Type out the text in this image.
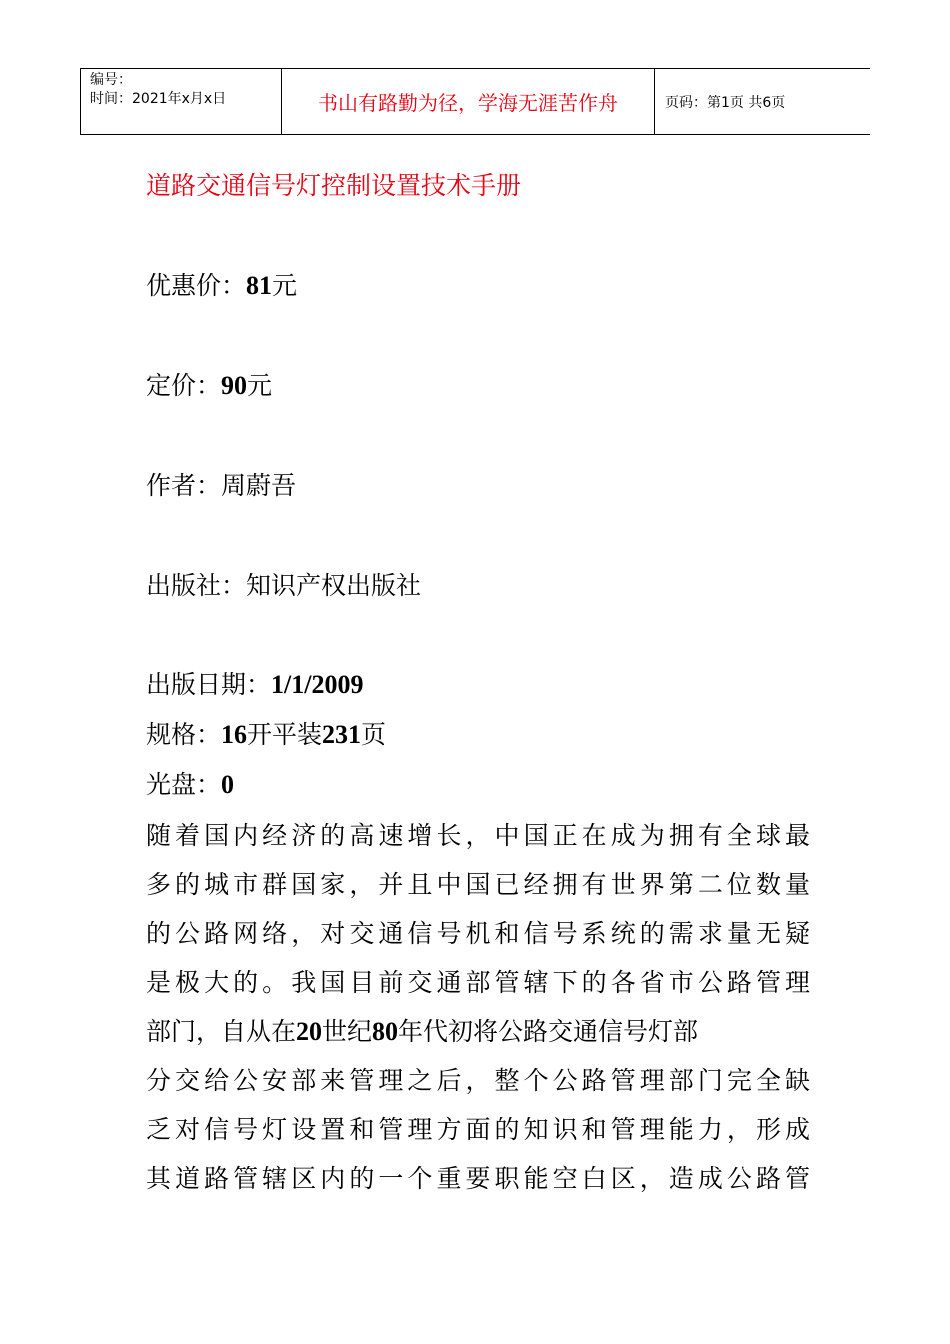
编号：
时间：2021年x月x日	书山有路勤为径，学海无涯苦作舟	页码：第1页 共6页
道路交通信号灯控制设置技术手册
优惠价：81元
定价：90元
作者：周蔚吾
出版社：知识产权出版社
出版日期：1/1/2009
规格：16开平装231页
光盘：0
随着国内经济的高速增长，中国正在成为拥有全球最
多的城市群国家，并且中国已经拥有世界第二位数量
的公路网络，对交通信号机和信号系统的需求量无疑
是极大的。我国目前交通部管辖下的各省市公路管理
部门，自从在20世纪80年代初将公路交通信号灯部
分交给公安部来管理之后，整个公路管理部门完全缺
乏对信号灯设置和管理方面的知识和管理能力，形成
其道路管辖区内的一个重要职能空白区，造成公路管
